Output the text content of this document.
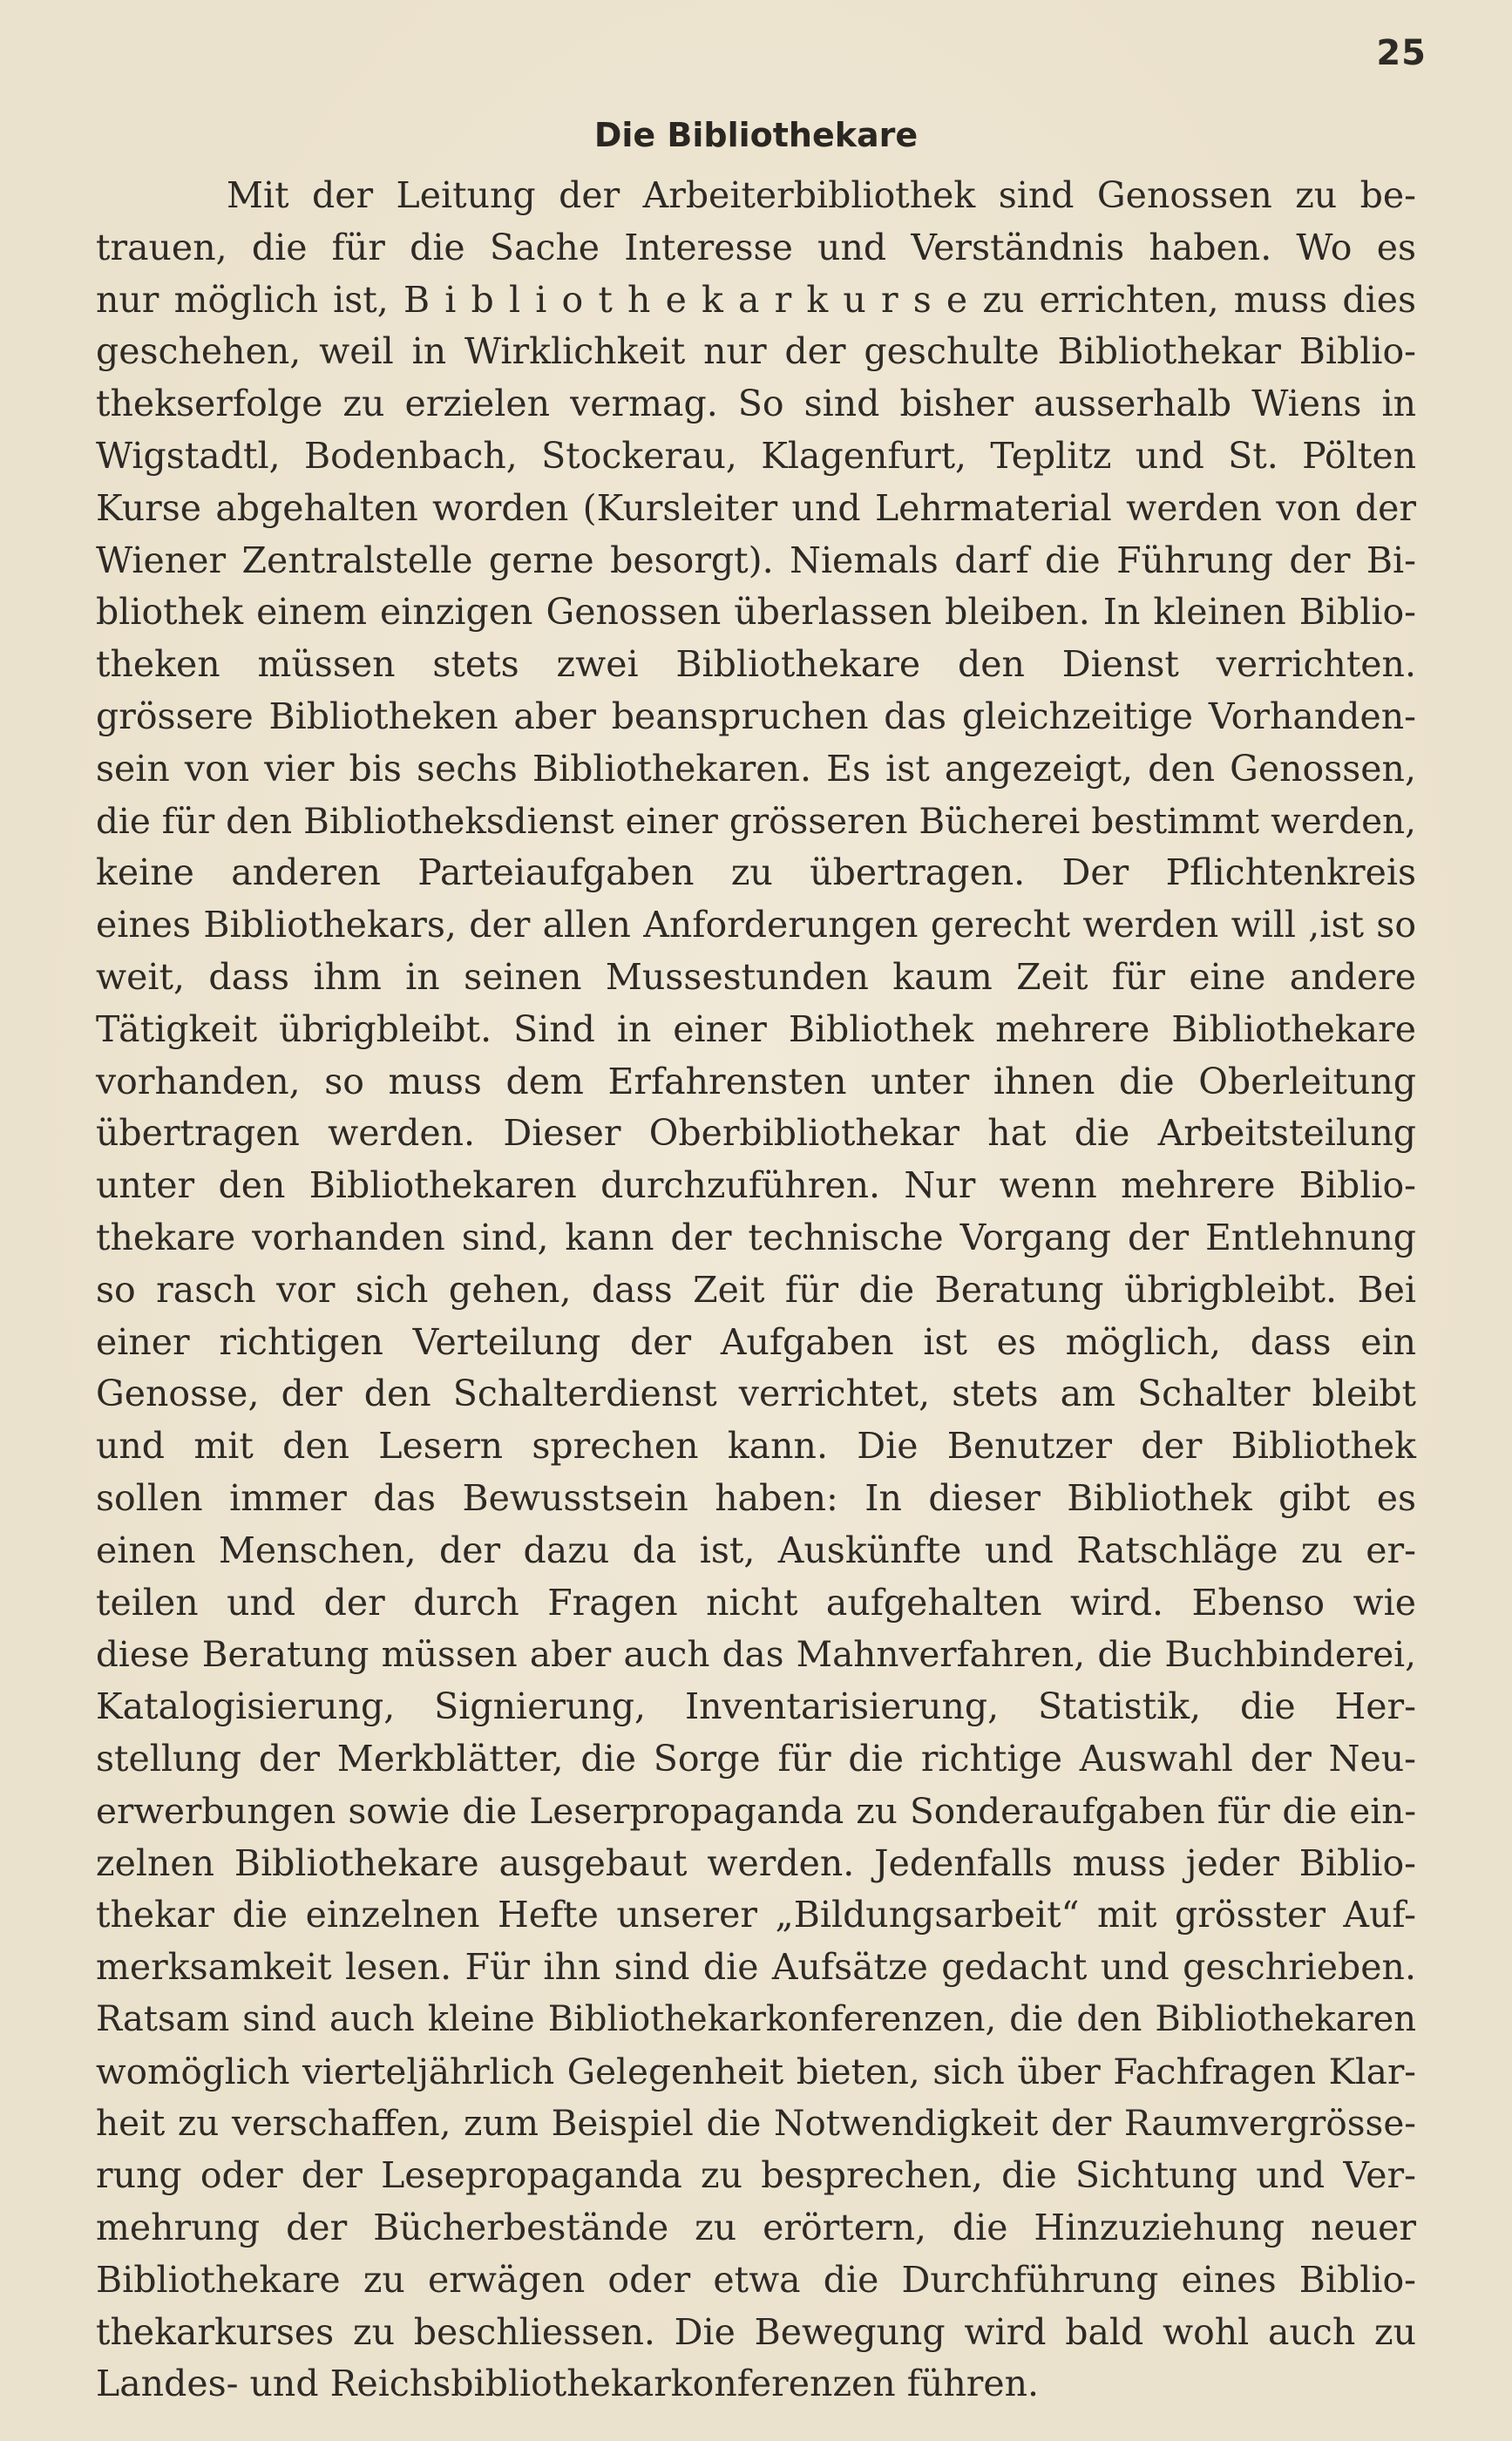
25
Die Bibliothekare
Mit der Leitung der Arbeiterbibliothek sind Genossen zu be-
trauen, die für die Sache Interesse und Verständnis haben. Wo es
nur möglich ist, B i b l i o t h e k a r k u r s e zu errichten, muss dies
geschehen, weil in Wirklichkeit nur der geschulte Bibliothekar Biblio-
thekserfolge zu erzielen vermag. So sind bisher ausserhalb Wiens in
Wigstadtl, Bodenbach, Stockerau, Klagenfurt, Teplitz und St. Pölten
Kurse abgehalten worden (Kursleiter und Lehrmaterial werden von der
Wiener Zentralstelle gerne besorgt). Niemals darf die Führung der Bi-
bliothek einem einzigen Genossen überlassen bleiben. In kleinen Biblio-
theken müssen stets zwei Bibliothekare den Dienst verrichten.
grössere Bibliotheken aber beanspruchen das gleichzeitige Vorhanden-
sein von vier bis sechs Bibliothekaren. Es ist angezeigt, den Genossen,
die für den Bibliotheksdienst einer grösseren Bücherei bestimmt werden,
keine anderen Parteiaufgaben zu übertragen. Der Pflichtenkreis
eines Bibliothekars, der allen Anforderungen gerecht werden will ,ist so
weit, dass ihm in seinen Mussestunden kaum Zeit für eine andere
Tätigkeit übrigbleibt. Sind in einer Bibliothek mehrere Bibliothekare
vorhanden, so muss dem Erfahrensten unter ihnen die Oberleitung
übertragen werden. Dieser Oberbibliothekar hat die Arbeitsteilung
unter den Bibliothekaren durchzuführen. Nur wenn mehrere Biblio-
thekare vorhanden sind, kann der technische Vorgang der Entlehnung
so rasch vor sich gehen, dass Zeit für die Beratung übrigbleibt. Bei
einer richtigen Verteilung der Aufgaben ist es möglich, dass ein
Genosse, der den Schalterdienst verrichtet, stets am Schalter bleibt
und mit den Lesern sprechen kann. Die Benutzer der Bibliothek
sollen immer das Bewusstsein haben: In dieser Bibliothek gibt es
einen Menschen, der dazu da ist, Auskünfte und Ratschläge zu er-
teilen und der durch Fragen nicht aufgehalten wird. Ebenso wie
diese Beratung müssen aber auch das Mahnverfahren, die Buchbinderei,
Katalogisierung, Signierung, Inventarisierung, Statistik, die Her-
stellung der Merkblätter, die Sorge für die richtige Auswahl der Neu-
erwerbungen sowie die Leserpropaganda zu Sonderaufgaben für die ein-
zelnen Bibliothekare ausgebaut werden. Jedenfalls muss jeder Biblio-
thekar die einzelnen Hefte unserer „Bildungsarbeit“ mit grösster Auf-
merksamkeit lesen. Für ihn sind die Aufsätze gedacht und geschrieben.
Ratsam sind auch kleine Bibliothekarkonferenzen, die den Bibliothekaren
womöglich vierteljährlich Gelegenheit bieten, sich über Fachfragen Klar-
heit zu verschaffen, zum Beispiel die Notwendigkeit der Raumvergrösse-
rung oder der Lesepropaganda zu besprechen, die Sichtung und Ver-
mehrung der Bücherbestände zu erörtern, die Hinzuziehung neuer
Bibliothekare zu erwägen oder etwa die Durchführung eines Biblio-
thekarkurses zu beschliessen. Die Bewegung wird bald wohl auch zu
Landes- und Reichsbibliothekarkonferenzen führen.
